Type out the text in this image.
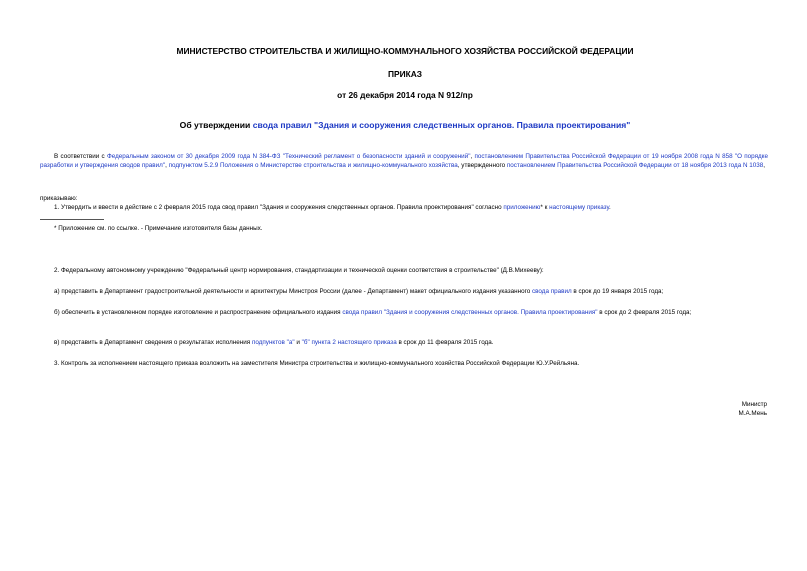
МИНИСТЕРСТВО СТРОИТЕЛЬСТВА И ЖИЛИЩНО-КОММУНАЛЬНОГО ХОЗЯЙСТВА РОССИЙСКОЙ ФЕДЕРАЦИИ
ПРИКАЗ
от 26 декабря 2014 года N 912/пр
Об утверждении свода правил "Здания и сооружения следственных органов. Правила проектирования"
В соответствии с Федеральным законом от 30 декабря 2009 года N 384-ФЗ "Технический регламент о безопасности зданий и сооружений", постановлением Правительства Российской Федерации от 19 ноября 2008 года N 858 "О порядке разработки и утверждения сводов правил", подпунктом 5.2.9 Положения о Министерстве строительства и жилищно-коммунального хозяйства, утвержденного постановлением Правительства Российской Федерации от 18 ноября 2013 года N 1038,
приказываю:
1. Утвердить и ввести в действие с 2 февраля 2015 года свод правил "Здания и сооружения следственных органов. Правила проектирования" согласно приложению* к настоящему приказу.
* Приложение см. по ссылке. - Примечание изготовителя базы данных.
2. Федеральному автономному учреждению "Федеральный центр нормирования, стандартизации и технической оценки соответствия в строительстве" (Д.В.Михееву):
а) представить в Департамент градостроительной деятельности и архитектуры Минстроя России (далее - Департамент) макет официального издания указанного свода правил в срок до 19 января 2015 года;
б) обеспечить в установленном порядке изготовление и распространение официального издания свода правил "Здания и сооружения следственных органов. Правила проектирования" в срок до 2 февраля 2015 года;
в) представить в Департамент сведения о результатах исполнения подпунктов "а" и "б" пункта 2 настоящего приказа в срок до 11 февраля 2015 года.
3. Контроль за исполнением настоящего приказа возложить на заместителя Министра строительства и жилищно-коммунального хозяйства Российской Федерации Ю.У.Рейльяна.
Министр
М.А.Мень
